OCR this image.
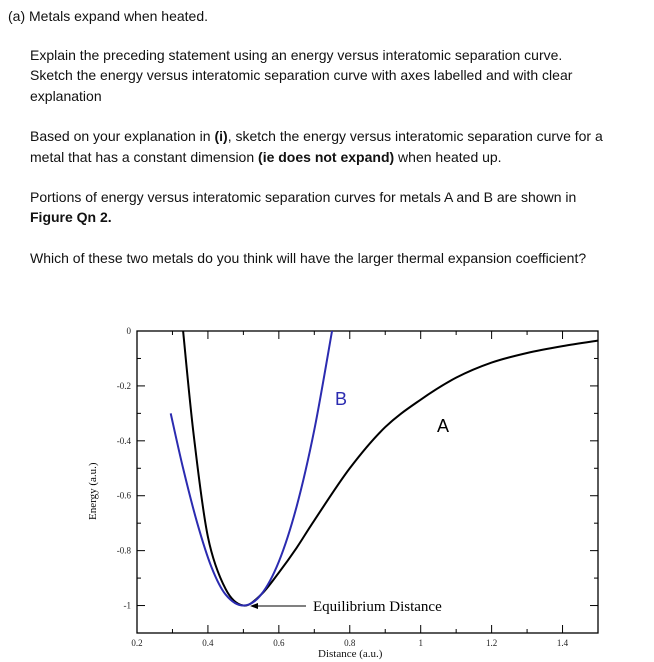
(a) Metals expand when heated.
Explain the preceding statement using an energy versus interatomic separation curve.
Sketch the energy versus interatomic separation curve with axes labelled and with clear
explanation
Based on your explanation in (i), sketch the energy versus interatomic separation curve for a
metal that has a constant dimension (ie does not expand) when heated up.
Portions of energy versus interatomic separation curves for metals A and B are shown in
Figure Qn 2.
Which of these two metals do you think will have the larger thermal expansion coefficient?
0.2	0.4	0.6	0.8	1	1.2	1.4
0
-0.2
-0.4
-0.6
-0.8
-1
B
A
Equilibrium Distance
Energy (a.u.)
Distance (a.u.)
